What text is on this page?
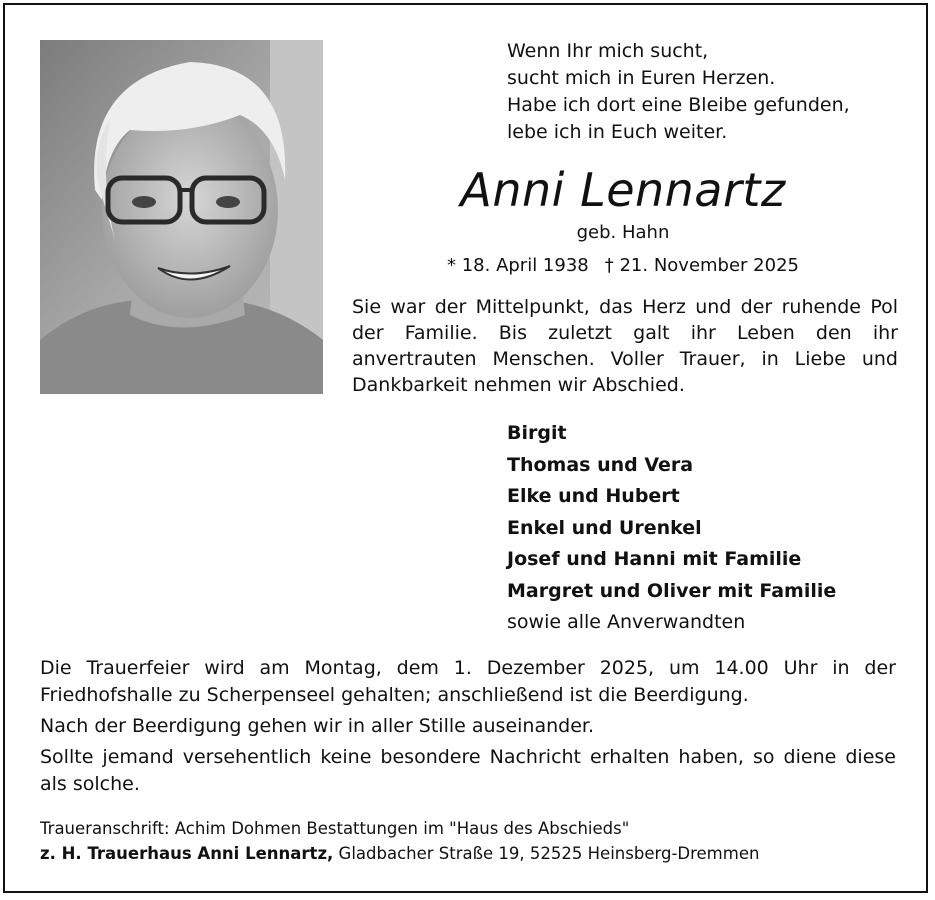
Wenn Ihr mich sucht,
sucht mich in Euren Herzen.
Habe ich dort eine Bleibe gefunden,
lebe ich in Euch weiter.
Anni Lennartz
geb. Hahn
* 18. April 1938 † 21. November 2025
Sie war der Mittelpunkt, das Herz und der ruhende Pol der Familie. Bis zuletzt galt ihr Leben den ihr anvertrauten Menschen. Voller Trauer, in Liebe und Dankbarkeit nehmen wir Abschied.
Birgit
Thomas und Vera
Elke und Hubert
Enkel und Urenkel
Josef und Hanni mit Familie
Margret und Oliver mit Familie
sowie alle Anverwandten

Die Trauerfeier wird am Montag, dem 1. Dezember 2025, um 14.00 Uhr in der Friedhofshalle zu Scherpenseel gehalten; anschließend ist die Beerdigung.

Nach der Beerdigung gehen wir in aller Stille auseinander.

Sollte jemand versehentlich keine besondere Nachricht erhalten haben, so diene diese als solche.

Traueranschrift: Achim Dohmen Bestattungen im "Haus des Abschieds"
z. H. Trauerhaus Anni Lennartz, Gladbacher Straße 19, 52525 Heinsberg-Dremmen
